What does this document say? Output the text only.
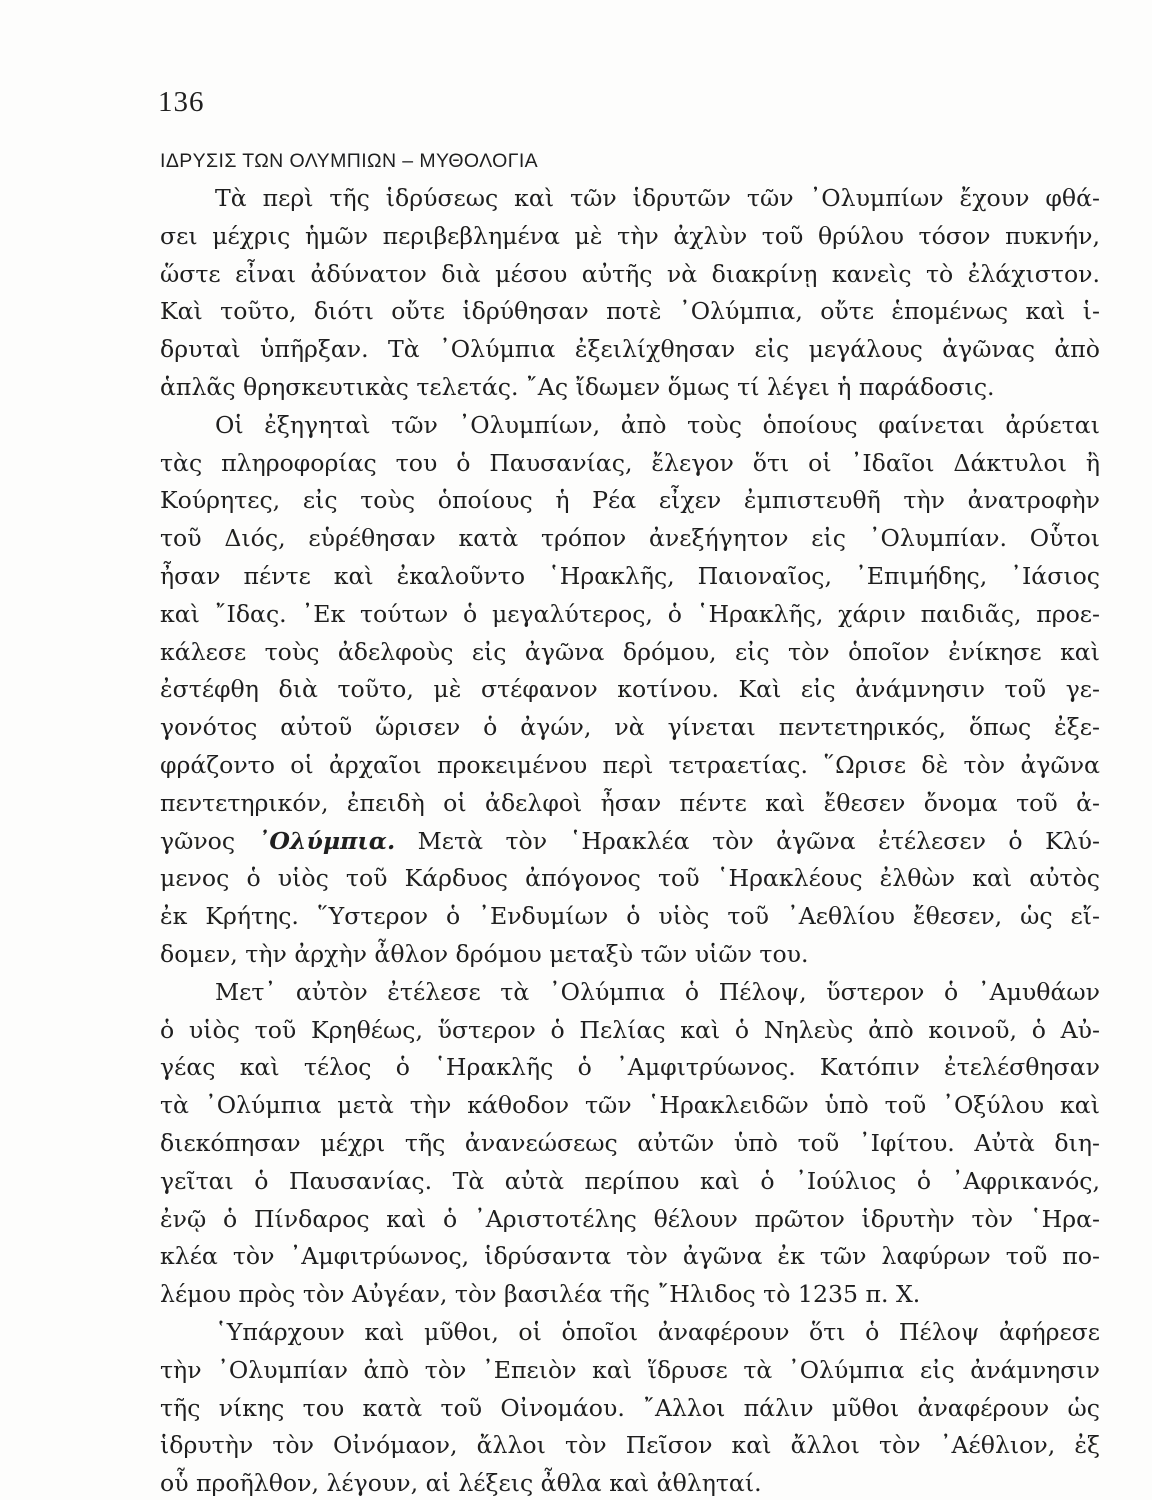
136
ΙΔΡΥΣΙΣ ΤΩΝ ΟΛΥΜΠΙΩΝ – ΜΥΘΟΛΟΓΙΑ
Τὰ περὶ τῆς ἱδρύσεως καὶ τῶν ἱδρυτῶν τῶν ᾿Ολυμπίων ἔχουν φθά-
σει μέχρις ἡμῶν περιβεβλημένα μὲ τὴν ἀχλὺν τοῦ θρύλου τόσον πυκνήν,
ὥστε εἶναι ἀδύνατον διὰ μέσου αὐτῆς νὰ διακρίνῃ κανεὶς τὸ ἐλάχιστον.
Καὶ τοῦτο, διότι οὔτε ἱδρύθησαν ποτὲ ᾿Ολύμπια, οὔτε ἑπομένως καὶ ἱ-
δρυταὶ ὑπῆρξαν. Τὰ ᾿Ολύμπια ἐξειλίχθησαν εἰς μεγάλους ἀγῶνας ἀπὸ
ἁπλᾶς θρησκευτικὰς τελετάς. ῎Ας ἴδωμεν ὅμως τί λέγει ἡ παράδοσις.
Οἱ ἐξηγηταὶ τῶν ᾿Ολυμπίων, ἀπὸ τοὺς ὁποίους φαίνεται ἀρύεται
τὰς πληροφορίας του ὁ Παυσανίας, ἔλεγον ὅτι οἱ ᾿Ιδαῖοι Δάκτυλοι ἢ
Κούρητες, εἰς τοὺς ὁποίους ἡ Ρέα εἶχεν ἐμπιστευθῆ τὴν ἀνατροφὴν
τοῦ Διός, εὑρέθησαν κατὰ τρόπον ἀνεξήγητον εἰς ᾿Ολυμπίαν. Οὗτοι
ἦσαν πέντε καὶ ἐκαλοῦντο ῾Ηρακλῆς, Παιοναῖος, ᾿Επιμήδης, ᾿Ιάσιος
καὶ ῎Ιδας. ᾿Εκ τούτων ὁ μεγαλύτερος, ὁ ῾Ηρακλῆς, χάριν παιδιᾶς, προε-
κάλεσε τοὺς ἀδελφοὺς εἰς ἀγῶνα δρόμου, εἰς τὸν ὁποῖον ἐνίκησε καὶ
ἐστέφθη διὰ τοῦτο, μὲ στέφανον κοτίνου. Καὶ εἰς ἀνάμνησιν τοῦ γε-
γονότος αὐτοῦ ὥρισεν ὁ ἀγών, νὰ γίνεται πεντετηρικός, ὅπως ἐξε-
φράζοντο οἱ ἀρχαῖοι προκειμένου περὶ τετραετίας. ῞Ωρισε δὲ τὸν ἀγῶνα
πεντετηρικόν, ἐπειδὴ οἱ ἀδελφοὶ ἦσαν πέντε καὶ ἔθεσεν ὄνομα τοῦ ἀ-
γῶνος ᾿Ολύμπια. Μετὰ τὸν ῾Ηρακλέα τὸν ἀγῶνα ἐτέλεσεν ὁ Κλύ-
μενος ὁ υἱὸς τοῦ Κάρδυος ἀπόγονος τοῦ ῾Ηρακλέους ἐλθὼν καὶ αὐτὸς
ἐκ Κρήτης. ῞Υστερον ὁ ᾿Ενδυμίων ὁ υἱὸς τοῦ ᾿Αεθλίου ἔθεσεν, ὡς εἴ-
δομεν, τὴν ἀρχὴν ἆθλον δρόμου μεταξὺ τῶν υἱῶν του.
Μετ᾿ αὐτὸν ἐτέλεσε τὰ ᾿Ολύμπια ὁ Πέλοψ, ὕστερον ὁ ᾿Αμυθάων
ὁ υἱὸς τοῦ Κρηθέως, ὕστερον ὁ Πελίας καὶ ὁ Νηλεὺς ἀπὸ κοινοῦ, ὁ Αὐ-
γέας καὶ τέλος ὁ ῾Ηρακλῆς ὁ ᾿Αμφιτρύωνος. Κατόπιν ἐτελέσθησαν
τὰ ᾿Ολύμπια μετὰ τὴν κάθοδον τῶν ῾Ηρακλειδῶν ὑπὸ τοῦ ᾿Οξύλου καὶ
διεκόπησαν μέχρι τῆς ἀνανεώσεως αὐτῶν ὑπὸ τοῦ ᾿Ιφίτου. Αὐτὰ διη-
γεῖται ὁ Παυσανίας. Τὰ αὐτὰ περίπου καὶ ὁ ᾿Ιούλιος ὁ ᾿Αφρικανός,
ἐνῷ ὁ Πίνδαρος καὶ ὁ ᾿Αριστοτέλης θέλουν πρῶτον ἱδρυτὴν τὸν ῾Ηρα-
κλέα τὸν ᾿Αμφιτρύωνος, ἱδρύσαντα τὸν ἀγῶνα ἐκ τῶν λαφύρων τοῦ πο-
λέμου πρὸς τὸν Αὐγέαν, τὸν βασιλέα τῆς ῎Ηλιδος τὸ 1235 π. Χ.
῾Υπάρχουν καὶ μῦθοι, οἱ ὁποῖοι ἀναφέρουν ὅτι ὁ Πέλοψ ἀφήρεσε
τὴν ᾿Ολυμπίαν ἀπὸ τὸν ᾿Επειὸν καὶ ἵδρυσε τὰ ᾿Ολύμπια εἰς ἀνάμνησιν
τῆς νίκης του κατὰ τοῦ Οἰνομάου. ῎Αλλοι πάλιν μῦθοι ἀναφέρουν ὡς
ἱδρυτὴν τὸν Οἰνόμαον, ἄλλοι τὸν Πεῖσον καὶ ἄλλοι τὸν ᾿Αέθλιον, ἐξ
οὗ προῆλθον, λέγουν, αἱ λέξεις ἆθλα καὶ ἀθληταί.
